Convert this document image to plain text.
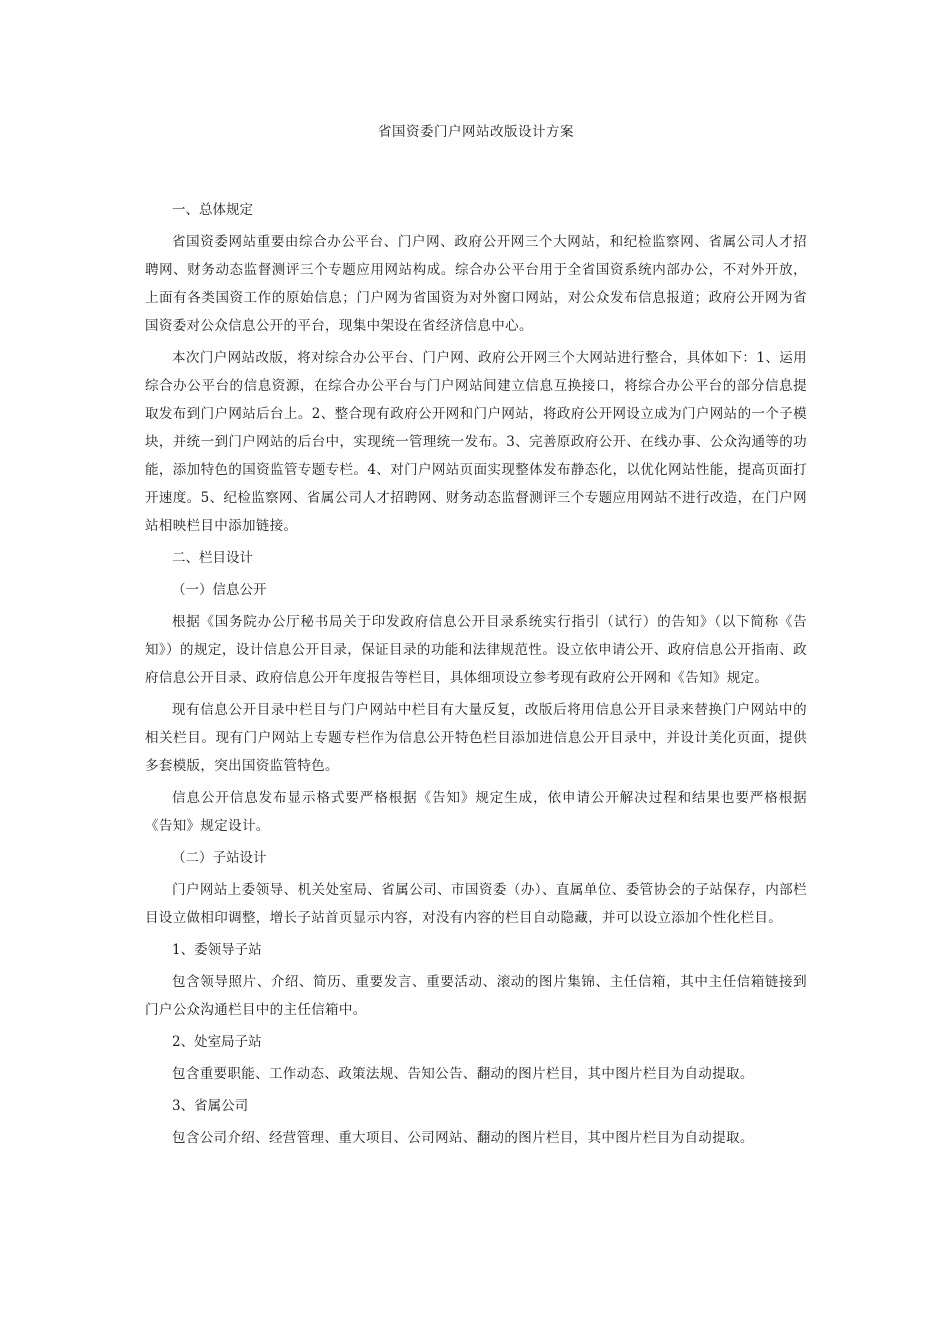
省国资委门户网站改版设计方案

一、总体规定

省国资委网站重要由综合办公平台、门户网、政府公开网三个大网站，和纪检监察网、省属公司人才招聘网、财务动态监督测评三个专题应用网站构成。综合办公平台用于全省国资系统内部办公，不对外开放，上面有各类国资工作的原始信息；门户网为省国资为对外窗口网站，对公众发布信息报道；政府公开网为省国资委对公众信息公开的平台，现集中架设在省经济信息中心。

本次门户网站改版，将对综合办公平台、门户网、政府公开网三个大网站进行整合，具体如下：1、运用综合办公平台的信息资源，在综合办公平台与门户网站间建立信息互换接口，将综合办公平台的部分信息提取发布到门户网站后台上。2、整合现有政府公开网和门户网站，将政府公开网设立成为门户网站的一个子模块，并统一到门户网站的后台中，实现统一管理统一发布。3、完善原政府公开、在线办事、公众沟通等的功能，添加特色的国资监管专题专栏。4、对门户网站页面实现整体发布静态化，以优化网站性能，提高页面打开速度。5、纪检监察网、省属公司人才招聘网、财务动态监督测评三个专题应用网站不进行改造，在门户网站相映栏目中添加链接。

二、栏目设计

（一）信息公开

根据《国务院办公厅秘书局关于印发政府信息公开目录系统实行指引（试行）的告知》（以下简称《告知》）的规定，设计信息公开目录，保证目录的功能和法律规范性。设立依申请公开、政府信息公开指南、政府信息公开目录、政府信息公开年度报告等栏目，具体细项设立参考现有政府公开网和《告知》规定。

现有信息公开目录中栏目与门户网站中栏目有大量反复，改版后将用信息公开目录来替换门户网站中的相关栏目。现有门户网站上专题专栏作为信息公开特色栏目添加进信息公开目录中，并设计美化页面，提供多套模版，突出国资监管特色。

信息公开信息发布显示格式要严格根据《告知》规定生成，依申请公开解决过程和结果也要严格根据《告知》规定设计。

（二）子站设计

门户网站上委领导、机关处室局、省属公司、市国资委（办）、直属单位、委管协会的子站保存，内部栏目设立做相印调整，增长子站首页显示内容，对没有内容的栏目自动隐藏，并可以设立添加个性化栏目。

1、委领导子站

包含领导照片、介绍、简历、重要发言、重要活动、滚动的图片集锦、主任信箱，其中主任信箱链接到门户公众沟通栏目中的主任信箱中。

2、处室局子站

包含重要职能、工作动态、政策法规、告知公告、翻动的图片栏目，其中图片栏目为自动提取。

3、省属公司

包含公司介绍、经营管理、重大项目、公司网站、翻动的图片栏目，其中图片栏目为自动提取。
